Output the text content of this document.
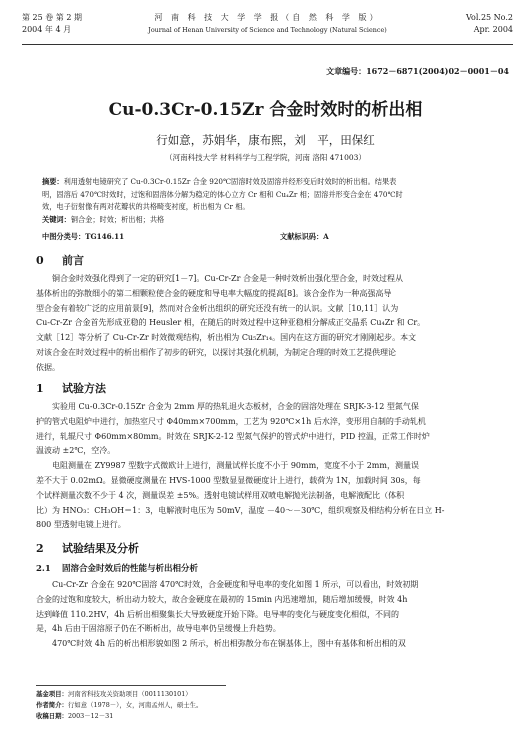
第 25 卷 第 2 期
2004 年 4 月
河 南 科 技 大 学 学 报（自 然 科 学 版）
Journal of Henan University of Science and Technology (Natural Science)
Vol.25 No.2
Apr. 2004
文章编号：1672－6871(2004)02－0001－04
Cu-0.3Cr-0.15Zr 合金时效时的析出相
行如意，苏娟华，康布熙，刘　平，田保红
（河南科技大学 材料科学与工程学院，河南 洛阳 471003）
摘要：利用透射电镜研究了 Cu-0.3Cr-0.15Zr 合金 920℃固溶时效及固溶并经形变后时效时的析出相。结果表
明，固溶后 470℃时效时，过饱和固溶体分解为稳定的体心立方 Cr 相和 Cu₄Zr 相；固溶并形变合金在 470℃时
效，电子衍射像有两对花瓣状的共格畸变衬度，析出相为 Cr 相。
关键词：铜合金；时效；析出相；共格
中图分类号：TG146.11	文献标识码：A
0 前言

铜合金时效强化得到了一定的研究[1－7]。Cu-Cr-Zr 合金是一种时效析出强化型合金，时效过程从

基体析出的弥散细小的第二相颗粒使合金的硬度和导电率大幅度的提高[8]。该合金作为一种高强高导
型合金有着较广泛的应用前景[9]，然而对合金析出组织的研究还没有统一的认识。文献［10,11］认为
Cu-Cr-Zr 合金首先形成亚稳的 Heusler 相，在随后的时效过程中这种亚稳相分解成正交晶系 Cu₄Zr 和 Cr。
文献［12］等分析了 Cu-Cr-Zr 时效微观结构，析出相为 Cu₅Zr₁₄。国内在这方面的研究才刚刚起步。本文
对该合金在时效过程中的析出相作了初步的研究，以探讨其强化机制，为制定合理的时效工艺提供理论
依据。
1 试验方法

实验用 Cu-0.3Cr-0.15Zr 合金为 2mm 厚的热轧退火态板材，合金的固溶处理在 SRJK-3-12 型氮气保

护的管式电阻炉中进行，加热室尺寸 Φ40mm×700mm，工艺为 920℃×1h 后水淬，变形用自制的手动轧机
进行，轧辊尺寸 Φ60mm×80mm。时效在 SRJK-2-12 型氮气保护的管式炉中进行，PID 控温，正常工作时炉
温波动 ±2℃，空冷。

电阻测量在 ZY9987 型数字式微欧计上进行，测量试样长度不小于 90mm，宽度不小于 2mm，测量误

差不大于 0.02mΩ。显微硬度测量在 HVS-1000 型数显显微硬度计上进行，载荷为 1N，加载时间 30s，每
个试样测量次数不少于 4 次，测量误差 ±5%。透射电镜试样用双喷电解抛光法制备，电解液配比（体积
比）为 HNO₃：CH₃OH＝1：3，电解液时电压为 50mV，温度 －40～－30℃，组织观察及相结构分析在日立 H-
800 型透射电镜上进行。
2 试验结果及分析
2.1 固溶合金时效后的性能与析出相分析

Cu-Cr-Zr 合金在 920℃固溶 470℃时效，合金硬度和导电率的变化如图 1 所示，可以看出，时效初期

合金的过饱和度较大，析出动力较大，故合金硬度在最初的 15min 内迅速增加，随后增加缓慢，时效 4h
达到峰值 110.2HV，4h 后析出相聚集长大导致硬度开始下降。电导率的变化与硬度变化相似，不同的
是，4h 后由于固溶原子仍在不断析出，故导电率仍呈缓慢上升趋势。

470℃时效 4h 后的析出相形貌如图 2 所示，析出相弥散分布在铜基体上，图中有基体和析出相的双

基金项目：河南省科技攻关资助项目（0011130101）
作者简介：行如意（1978－），女，河南孟州人，硕士生。
收稿日期：2003－12－31
